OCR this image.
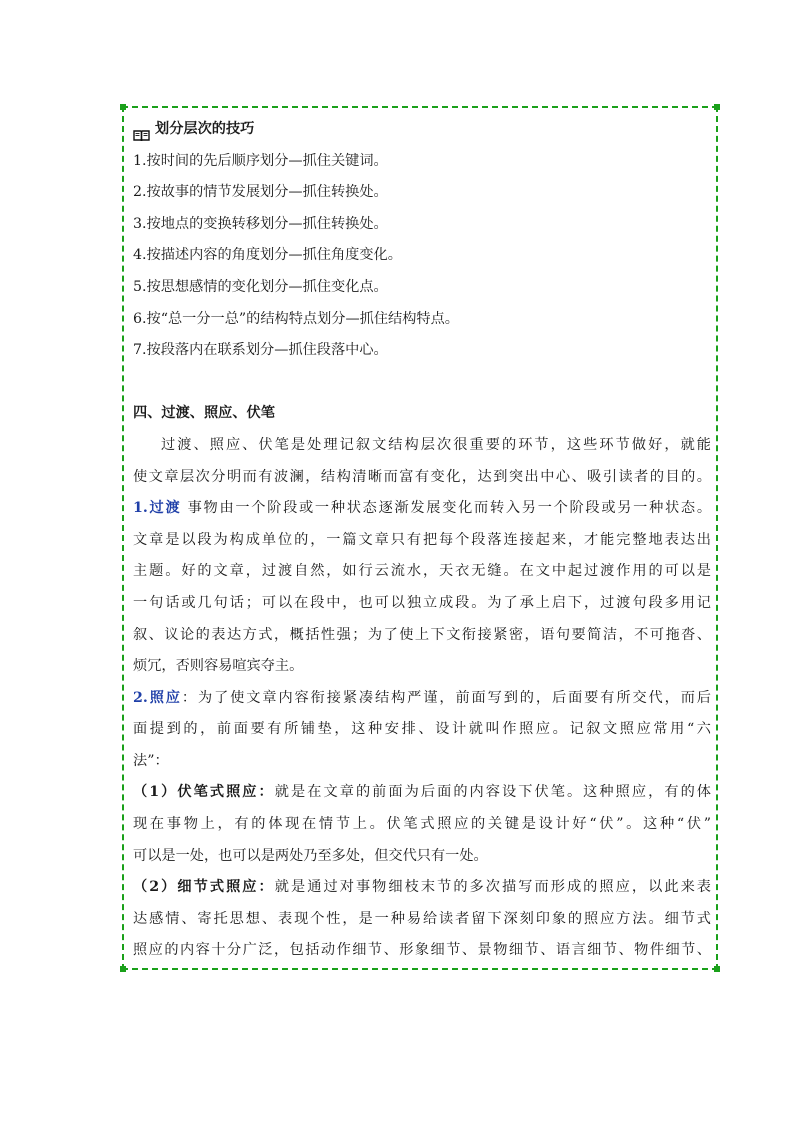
划分层次的技巧
1.按时间的先后顺序划分—抓住关键词。
2.按故事的情节发展划分—抓住转换处。
3.按地点的变换转移划分—抓住转换处。
4.按描述内容的角度划分—抓住角度变化。
5.按思想感情的变化划分—抓住变化点。
6.按“总一分一总”的结构特点划分—抓住结构特点。
7.按段落内在联系划分—抓住段落中心。
四、过渡、照应、伏笔
过渡、照应、伏笔是处理记叙文结构层次很重要的环节，这些环节做好，就能
使文章层次分明而有波澜，结构清晰而富有变化，达到突出中心、吸引读者的目的。
1.过渡 事物由一个阶段或一种状态逐渐发展变化而转入另一个阶段或另一种状态。
文章是以段为构成单位的，一篇文章只有把每个段落连接起来，才能完整地表达出
主题。好的文章，过渡自然，如行云流水，天衣无缝。在文中起过渡作用的可以是
一句话或几句话；可以在段中，也可以独立成段。为了承上启下，过渡句段多用记
叙、议论的表达方式，概括性强；为了使上下文衔接紧密，语句要简洁，不可拖沓、
烦冗，否则容易喧宾夺主。
2.照应：为了使文章内容衔接紧凑结构严谨，前面写到的，后面要有所交代，而后
面提到的，前面要有所铺垫，这种安排、设计就叫作照应。记叙文照应常用“六
法”：
（1）伏笔式照应：就是在文章的前面为后面的内容设下伏笔。这种照应，有的体
现在事物上，有的体现在情节上。伏笔式照应的关键是设计好“伏”。这种“伏”
可以是一处，也可以是两处乃至多处，但交代只有一处。
（2）细节式照应：就是通过对事物细枝末节的多次描写而形成的照应，以此来表
达感情、寄托思想、表现个性，是一种易给读者留下深刻印象的照应方法。细节式
照应的内容十分广泛，包括动作细节、形象细节、景物细节、语言细节、物件细节、
